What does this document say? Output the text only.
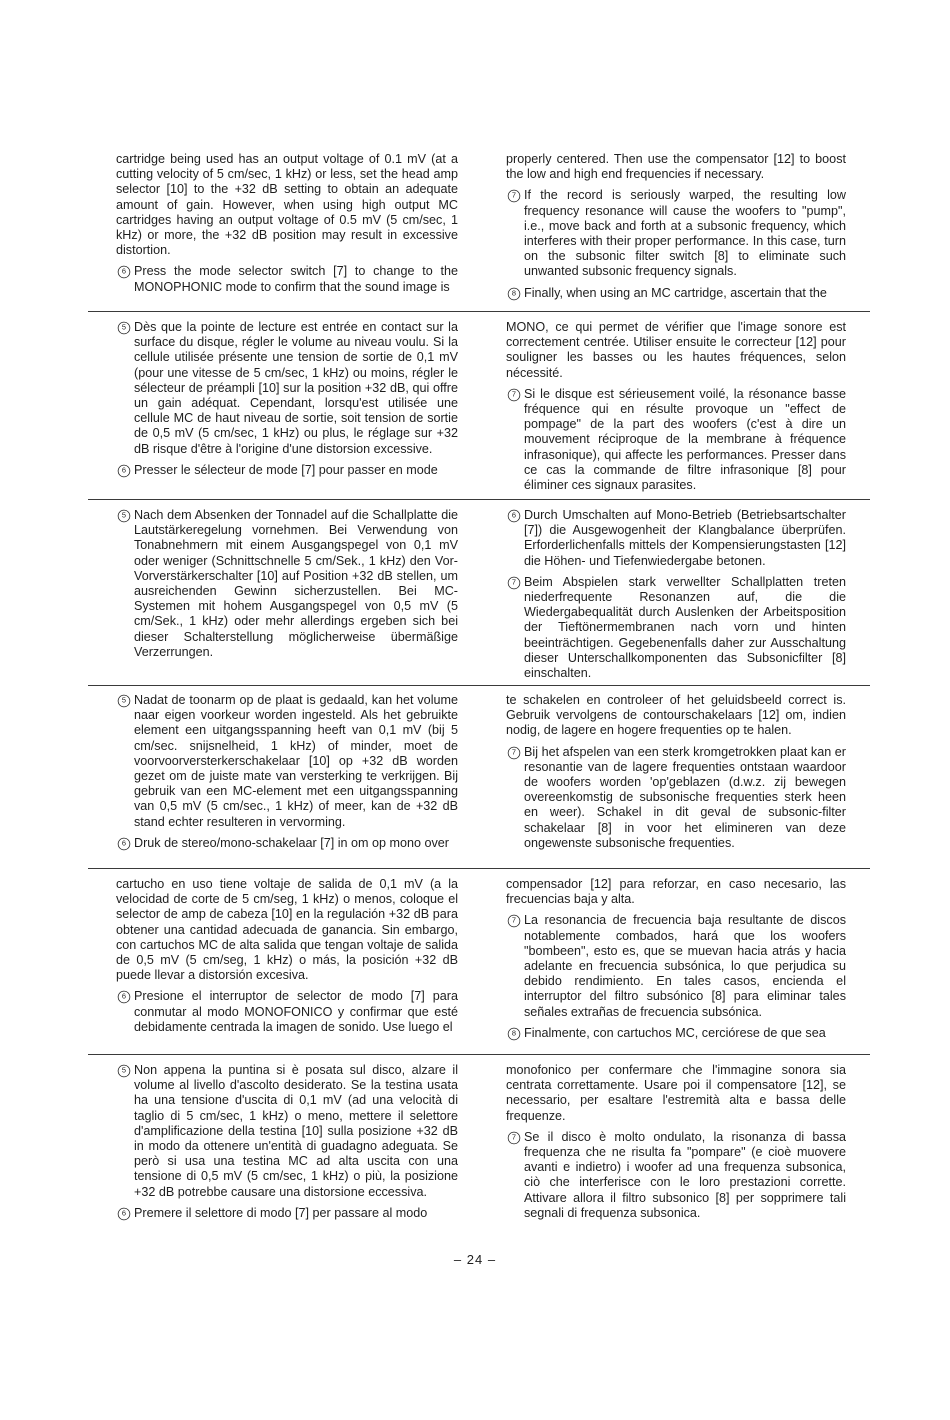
cartridge being used has an output voltage of 0.1 mV (at a cutting velocity of 5 cm/sec, 1 kHz) or less, set the head amp selector [10] to the +32 dB setting to obtain an adequate amount of gain. However, when using high output MC cartridges having an output voltage of 0.5 mV (5 cm/sec, 1 kHz) or more, the +32 dB position may result in excessive distortion.

6 Press the mode selector switch [7] to change to the MONOPHONIC mode to confirm that the sound image is

properly centered. Then use the compensator [12] to boost the low and high end frequencies if necessary.

7 If the record is seriously warped, the resulting low frequency resonance will cause the woofers to "pump", i.e., move back and forth at a subsonic frequency, which interferes with their proper performance. In this case, turn on the subsonic filter switch [8] to eliminate such unwanted subsonic frequency signals.
8 Finally, when using an MC cartridge, ascertain that the
5 Dès que la pointe de lecture est entrée en contact sur la surface du disque, régler le volume au niveau voulu. Si la cellule utilisée présente une tension de sortie de 0,1 mV (pour une vitesse de 5 cm/sec, 1 kHz) ou moins, régler le sélecteur de préampli [10] sur la position +32 dB, qui offre un gain adéquat. Cependant, lorsqu'est utilisée une cellule MC de haut niveau de sortie, soit tension de sortie de 0,5 mV (5 cm/sec, 1 kHz) ou plus, le réglage sur +32 dB risque d'être à l'origine d'une distorsion excessive.
6 Presser le sélecteur de mode [7] pour passer en mode

MONO, ce qui permet de vérifier que l'image sonore est correctement centrée. Utiliser ensuite le correcteur [12] pour souligner les basses ou les hautes fréquences, selon nécessité.

7 Si le disque est sérieusement voilé, la résonance basse fréquence qui en résulte provoque un "effect de pompage" de la part des woofers (c'est à dire un mouvement réciproque de la membrane à fréquence infrasonique), qui affecte les performances. Presser dans ce cas la commande de filtre infrasonique [8] pour éliminer ces signaux parasites.
5 Nach dem Absenken der Tonnadel auf die Schallplatte die Lautstärkeregelung vornehmen. Bei Verwendung von Tonabnehmern mit einem Ausgangspegel von 0,1 mV oder weniger (Schnittschnelle 5 cm/Sek., 1 kHz) den Vor-Vorverstärkerschalter [10] auf Position +32 dB stellen, um ausreichenden Gewinn sicherzustellen. Bei MC-Systemen mit hohem Ausgangspegel von 0,5 mV (5 cm/Sek., 1 kHz) oder mehr allerdings ergeben sich bei dieser Schalterstellung möglicherweise übermäßige Verzerrungen.
6 Durch Umschalten auf Mono-Betrieb (Betriebsartschalter [7]) die Ausgewogenheit der Klangbalance überprüfen. Erforderlichenfalls mittels der Kompensierungstasten [12] die Höhen- und Tiefenwiedergabe betonen.
7 Beim Abspielen stark verwellter Schallplatten treten niederfrequente Resonanzen auf, die die Wiedergabequalität durch Auslenken der Arbeitsposition der Tieftönermembranen nach vorn und hinten beeinträchtigen. Gegebenenfalls daher zur Ausschaltung dieser Unterschallkomponenten das Subsonicfilter [8] einschalten.
5 Nadat de toonarm op de plaat is gedaald, kan het volume naar eigen voorkeur worden ingesteld. Als het gebruikte element een uitgangsspanning heeft van 0,1 mV (bij 5 cm/sec. snijsnelheid, 1 kHz) of minder, moet de voorvoorversterkerschakelaar [10] op +32 dB worden gezet om de juiste mate van versterking te verkrijgen. Bij gebruik van een MC-element met een uitgangsspanning van 0,5 mV (5 cm/sec., 1 kHz) of meer, kan de +32 dB stand echter resulteren in vervorming.
6 Druk de stereo/mono-schakelaar [7] in om op mono over

te schakelen en controleer of het geluidsbeeld correct is. Gebruik vervolgens de contourschakelaars [12] om, indien nodig, de lagere en hogere frequenties op te halen.

7 Bij het afspelen van een sterk kromgetrokken plaat kan er resonantie van de lagere frequenties ontstaan waardoor de woofers worden 'op'geblazen (d.w.z. zij bewegen overeenkomstig de subsonische frequenties sterk heen en weer). Schakel in dit geval de subsonic-filter schakelaar [8] in voor het elimineren van deze ongewenste subsonische frequenties.

cartucho en uso tiene voltaje de salida de 0,1 mV (a la velocidad de corte de 5 cm/seg, 1 kHz) o menos, coloque el selector de amp de cabeza [10] en la regulación +32 dB para obtener una cantidad adecuada de ganancia. Sin embargo, con cartuchos MC de alta salida que tengan voltaje de salida de 0,5 mV (5 cm/seg, 1 kHz) o más, la posición +32 dB puede llevar a distorsión excesiva.

6 Presione el interruptor de selector de modo [7] para conmutar al modo MONOFONICO y confirmar que esté debidamente centrada la imagen de sonido. Use luego el

compensador [12] para reforzar, en caso necesario, las frecuencias baja y alta.

7 La resonancia de frecuencia baja resultante de discos notablemente combados, hará que los woofers "bombeen", esto es, que se muevan hacia atrás y hacia adelante en frecuencia subsónica, lo que perjudica su debido rendimiento. En tales casos, encienda el interruptor del filtro subsónico [8] para eliminar tales señales extrañas de frecuencia subsónica.
8 Finalmente, con cartuchos MC, cerciórese de que sea
5 Non appena la puntina si è posata sul disco, alzare il volume al livello d'ascolto desiderato. Se la testina usata ha una tensione d'uscita di 0,1 mV (ad una velocità di taglio di 5 cm/sec, 1 kHz) o meno, mettere il selettore d'amplificazione della testina [10] sulla posizione +32 dB in modo da ottenere un'entità di guadagno adeguata. Se però si usa una testina MC ad alta uscita con una tensione di 0,5 mV (5 cm/sec, 1 kHz) o più, la posizione +32 dB potrebbe causare una distorsione eccessiva.
6 Premere il selettore di modo [7] per passare al modo

monofonico per confermare che l'immagine sonora sia centrata correttamente. Usare poi il compensatore [12], se necessario, per esaltare l'estremità alta e bassa delle frequenze.

7 Se il disco è molto ondulato, la risonanza di bassa frequenza che ne risulta fa "pompare" (e cioè muovere avanti e indietro) i woofer ad una frequenza subsonica, ciò che interferisce con le loro prestazioni corrette. Attivare allora il filtro subsonico [8] per sopprimere tali segnali di frequenza subsonica.
– 24 –
